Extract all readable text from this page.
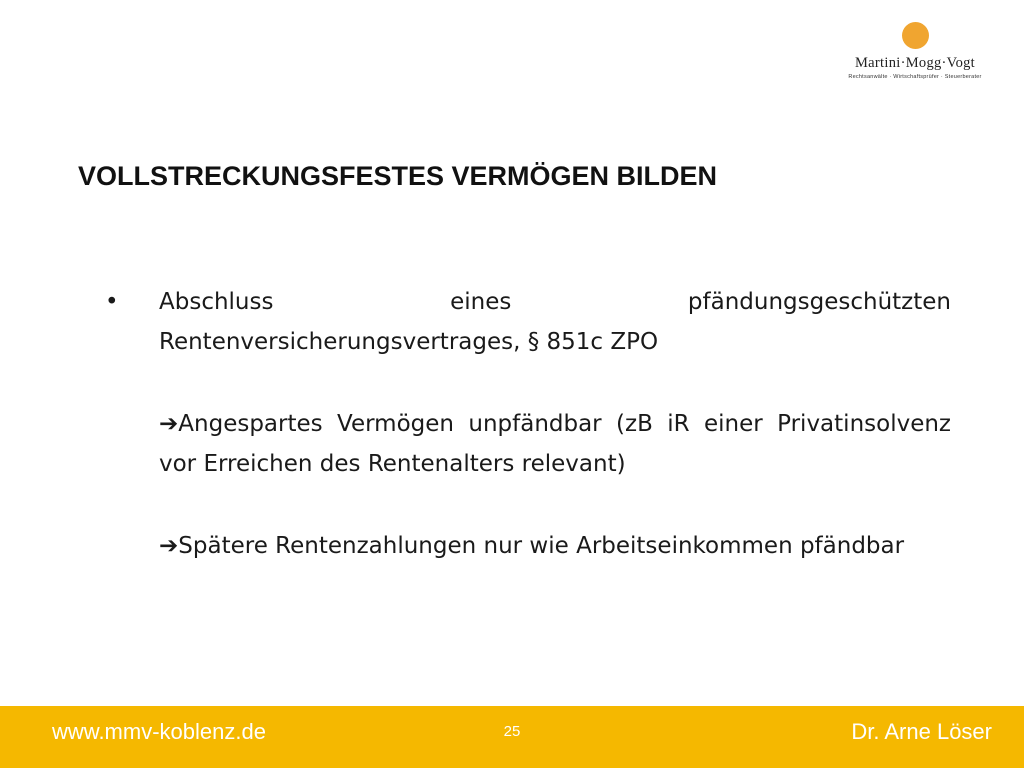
Martini·Mogg·Vogt
Rechtsanwälte · Wirtschaftsprüfer · Steuerberater
VOLLSTRECKUNGSFESTES VERMÖGEN BILDEN
•	Abschluss eines pfändungsgeschützten Rentenversicherungsvertrages, § 851c ZPO
➔Angespartes Vermögen unpfändbar (zB iR einer Privatinsolvenz vor Erreichen des Rentenalters relevant)
➔Spätere Rentenzahlungen nur wie Arbeitseinkommen pfändbar
www.mmv-koblenz.de	25	Dr. Arne Löser
